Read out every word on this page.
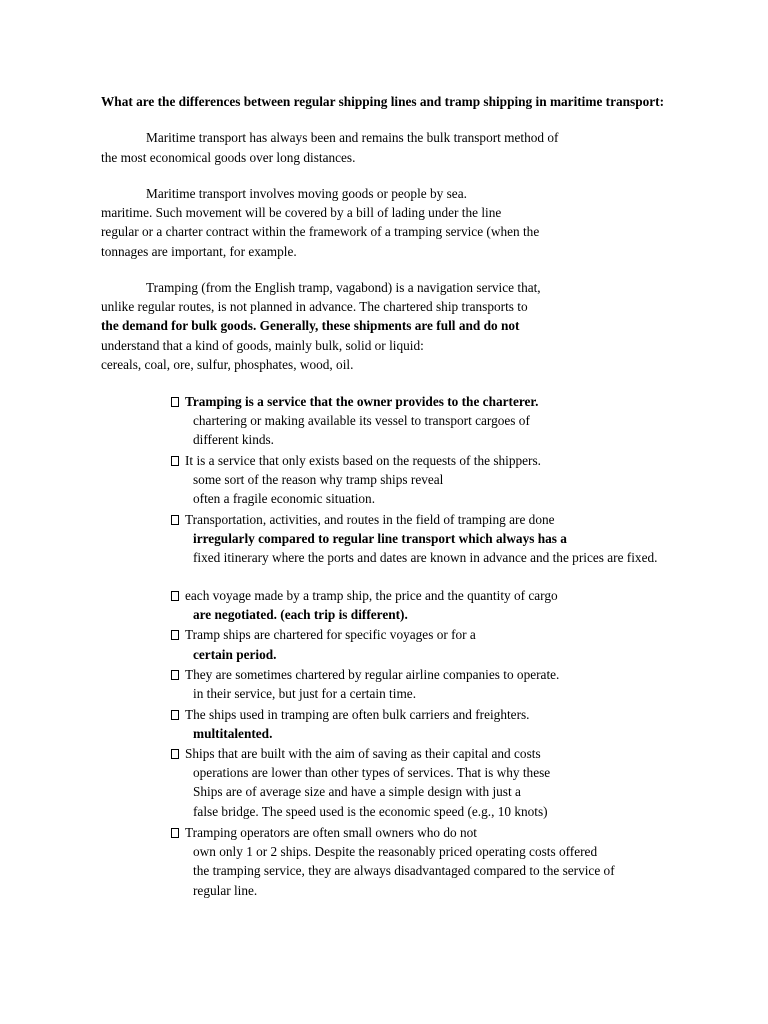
What are the differences between regular shipping lines and tramp shipping in maritime transport:
Maritime transport has always been and remains the bulk transport method of
the most economical goods over long distances.
Maritime transport involves moving goods or people by sea.
maritime. Such movement will be covered by a bill of lading under the line
regular or a charter contract within the framework of a tramping service (when the
tonnages are important, for example.
Tramping (from the English tramp, vagabond) is a navigation service that,
unlike regular routes, is not planned in advance. The chartered ship transports to
the demand for bulk goods. Generally, these shipments are full and do not
understand that a kind of goods, mainly bulk, solid or liquid:
cereals, coal, ore, sulfur, phosphates, wood, oil.
Tramping is a service that the owner provides to the charterer.
chartering or making available its vessel to transport cargoes of
different kinds.
It is a service that only exists based on the requests of the shippers.
some sort of the reason why tramp ships reveal
often a fragile economic situation.
Transportation, activities, and routes in the field of tramping are done
irregularly compared to regular line transport which always has a
fixed itinerary where the ports and dates are known in advance and the prices are fixed.
each voyage made by a tramp ship, the price and the quantity of cargo
are negotiated. (each trip is different).
Tramp ships are chartered for specific voyages or for a
certain period.
They are sometimes chartered by regular airline companies to operate.
in their service, but just for a certain time.
The ships used in tramping are often bulk carriers and freighters.
multitalented.
Ships that are built with the aim of saving as their capital and costs
operations are lower than other types of services. That is why these
Ships are of average size and have a simple design with just a
false bridge. The speed used is the economic speed (e.g., 10 knots)
Tramping operators are often small owners who do not
own only 1 or 2 ships. Despite the reasonably priced operating costs offered
the tramping service, they are always disadvantaged compared to the service of
regular line.
